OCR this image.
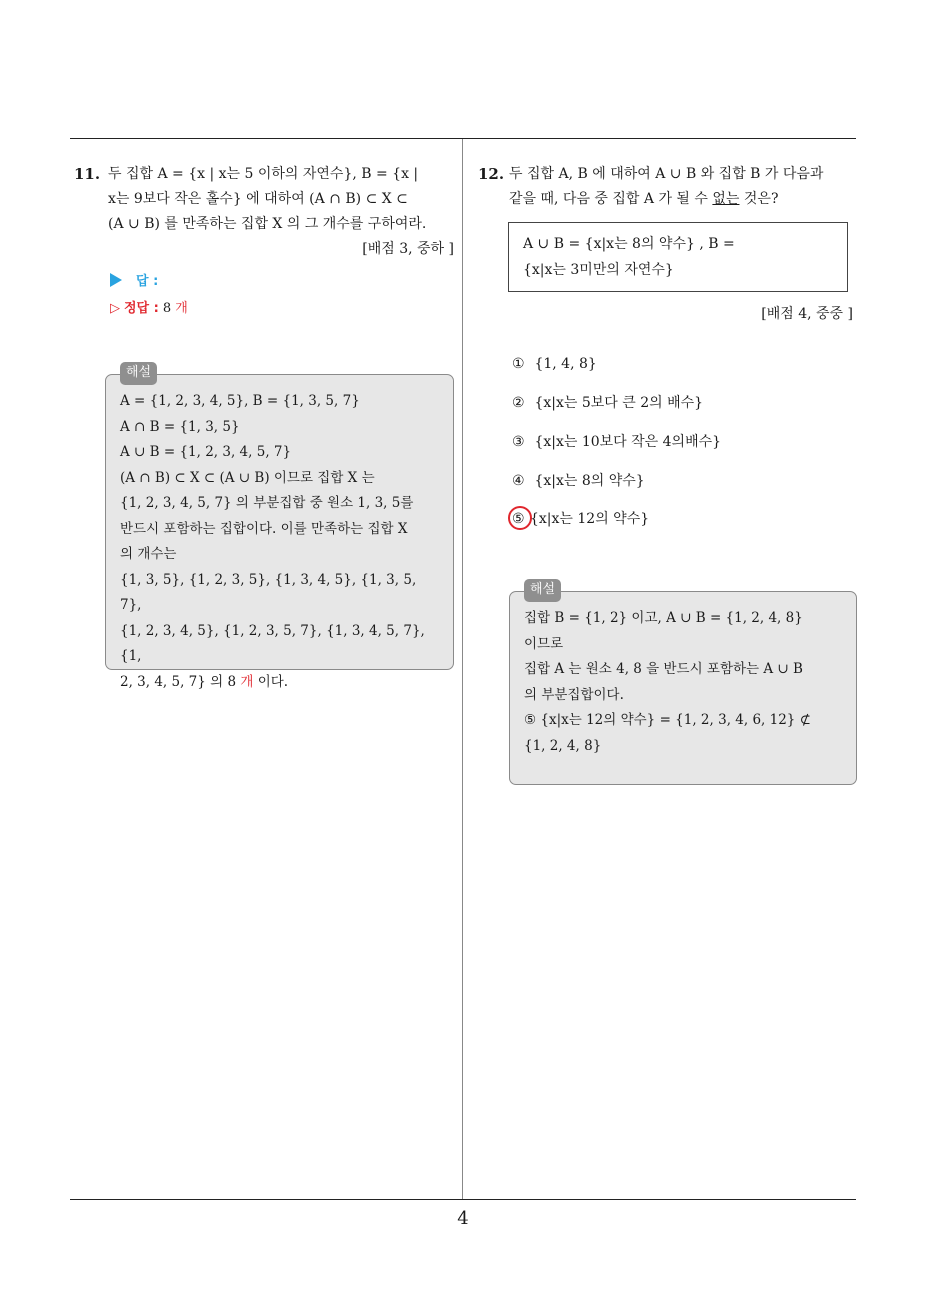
4
11. 두 집합 A = {x | x는 5 이하의 자연수}, B = {x |
x는 9보다 작은 홀수} 에 대하여 (A ∩ B) ⊂ X ⊂
(A ∪ B) 를 만족하는 집합 X 의 그 개수를 구하여라.
[배점 3, 중하 ]
답 :
▷ 정답 : 8 개
해설
A = {1, 2, 3, 4, 5}, B = {1, 3, 5, 7}
A ∩ B = {1, 3, 5}
A ∪ B = {1, 2, 3, 4, 5, 7}
(A ∩ B) ⊂ X ⊂ (A ∪ B) 이므로 집합 X 는
{1, 2, 3, 4, 5, 7} 의 부분집합 중 원소 1, 3, 5를
반드시 포함하는 집합이다. 이를 만족하는 집합 X
의 개수는
{1, 3, 5}, {1, 2, 3, 5}, {1, 3, 4, 5}, {1, 3, 5, 7},
{1, 2, 3, 4, 5}, {1, 2, 3, 5, 7}, {1, 3, 4, 5, 7}, {1,
2, 3, 4, 5, 7} 의 8 개 이다.
12. 두 집합 A, B 에 대하여 A ∪ B 와 집합 B 가 다음과
같을 때, 다음 중 집합 A 가 될 수 없는 것은?
A ∪ B = {x|x는 8의 약수} , B =
{x|x는 3미만의 자연수}
[배점 4, 중중 ]
① {1, 4, 8}
② {x|x는 5보다 큰 2의 배수}
③ {x|x는 10보다 작은 4의배수}
④ {x|x는 8의 약수}
⑤ {x|x는 12의 약수}
해설
집합 B = {1, 2} 이고, A ∪ B = {1, 2, 4, 8}
이므로
집합 A 는 원소 4, 8 을 반드시 포함하는 A ∪ B
의 부분집합이다.
⑤ {x|x는 12의 약수} = {1, 2, 3, 4, 6, 12} ⊄
{1, 2, 4, 8}
